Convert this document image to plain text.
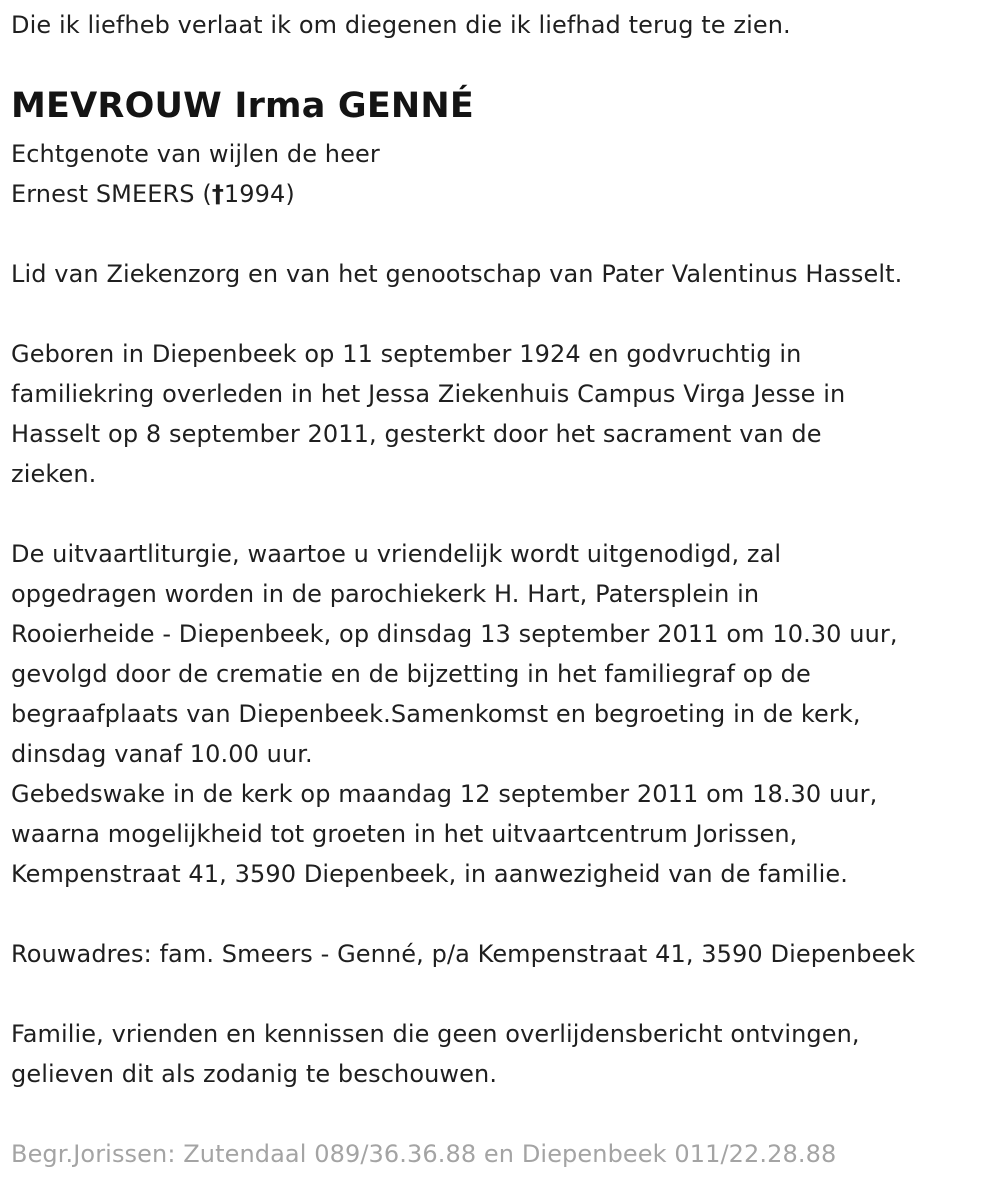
Die ik liefheb verlaat ik om diegenen die ik liefhad terug te zien.
MEVROUW Irma GENNÉ
Echtgenote van wijlen de heer
Ernest SMEERS (†1994)
Lid van Ziekenzorg en van het genootschap van Pater Valentinus Hasselt.
Geboren in Diepenbeek op 11 september 1924 en godvruchtig in
familiekring overleden in het Jessa Ziekenhuis Campus Virga Jesse in
Hasselt op 8 september 2011, gesterkt door het sacrament van de
zieken.
De uitvaartliturgie, waartoe u vriendelijk wordt uitgenodigd, zal
opgedragen worden in de parochiekerk H. Hart, Patersplein in
Rooierheide - Diepenbeek, op dinsdag 13 september 2011 om 10.30 uur,
gevolgd door de crematie en de bijzetting in het familiegraf op de
begraafplaats van Diepenbeek.Samenkomst en begroeting in de kerk,
dinsdag vanaf 10.00 uur.
Gebedswake in de kerk op maandag 12 september 2011 om 18.30 uur,
waarna mogelijkheid tot groeten in het uitvaartcentrum Jorissen,
Kempenstraat 41, 3590 Diepenbeek, in aanwezigheid van de familie.
Rouwadres: fam. Smeers - Genné, p/a Kempenstraat 41, 3590 Diepenbeek
Familie, vrienden en kennissen die geen overlijdensbericht ontvingen,
gelieven dit als zodanig te beschouwen.
Begr.Jorissen: Zutendaal 089/36.36.88 en Diepenbeek 011/22.28.88
